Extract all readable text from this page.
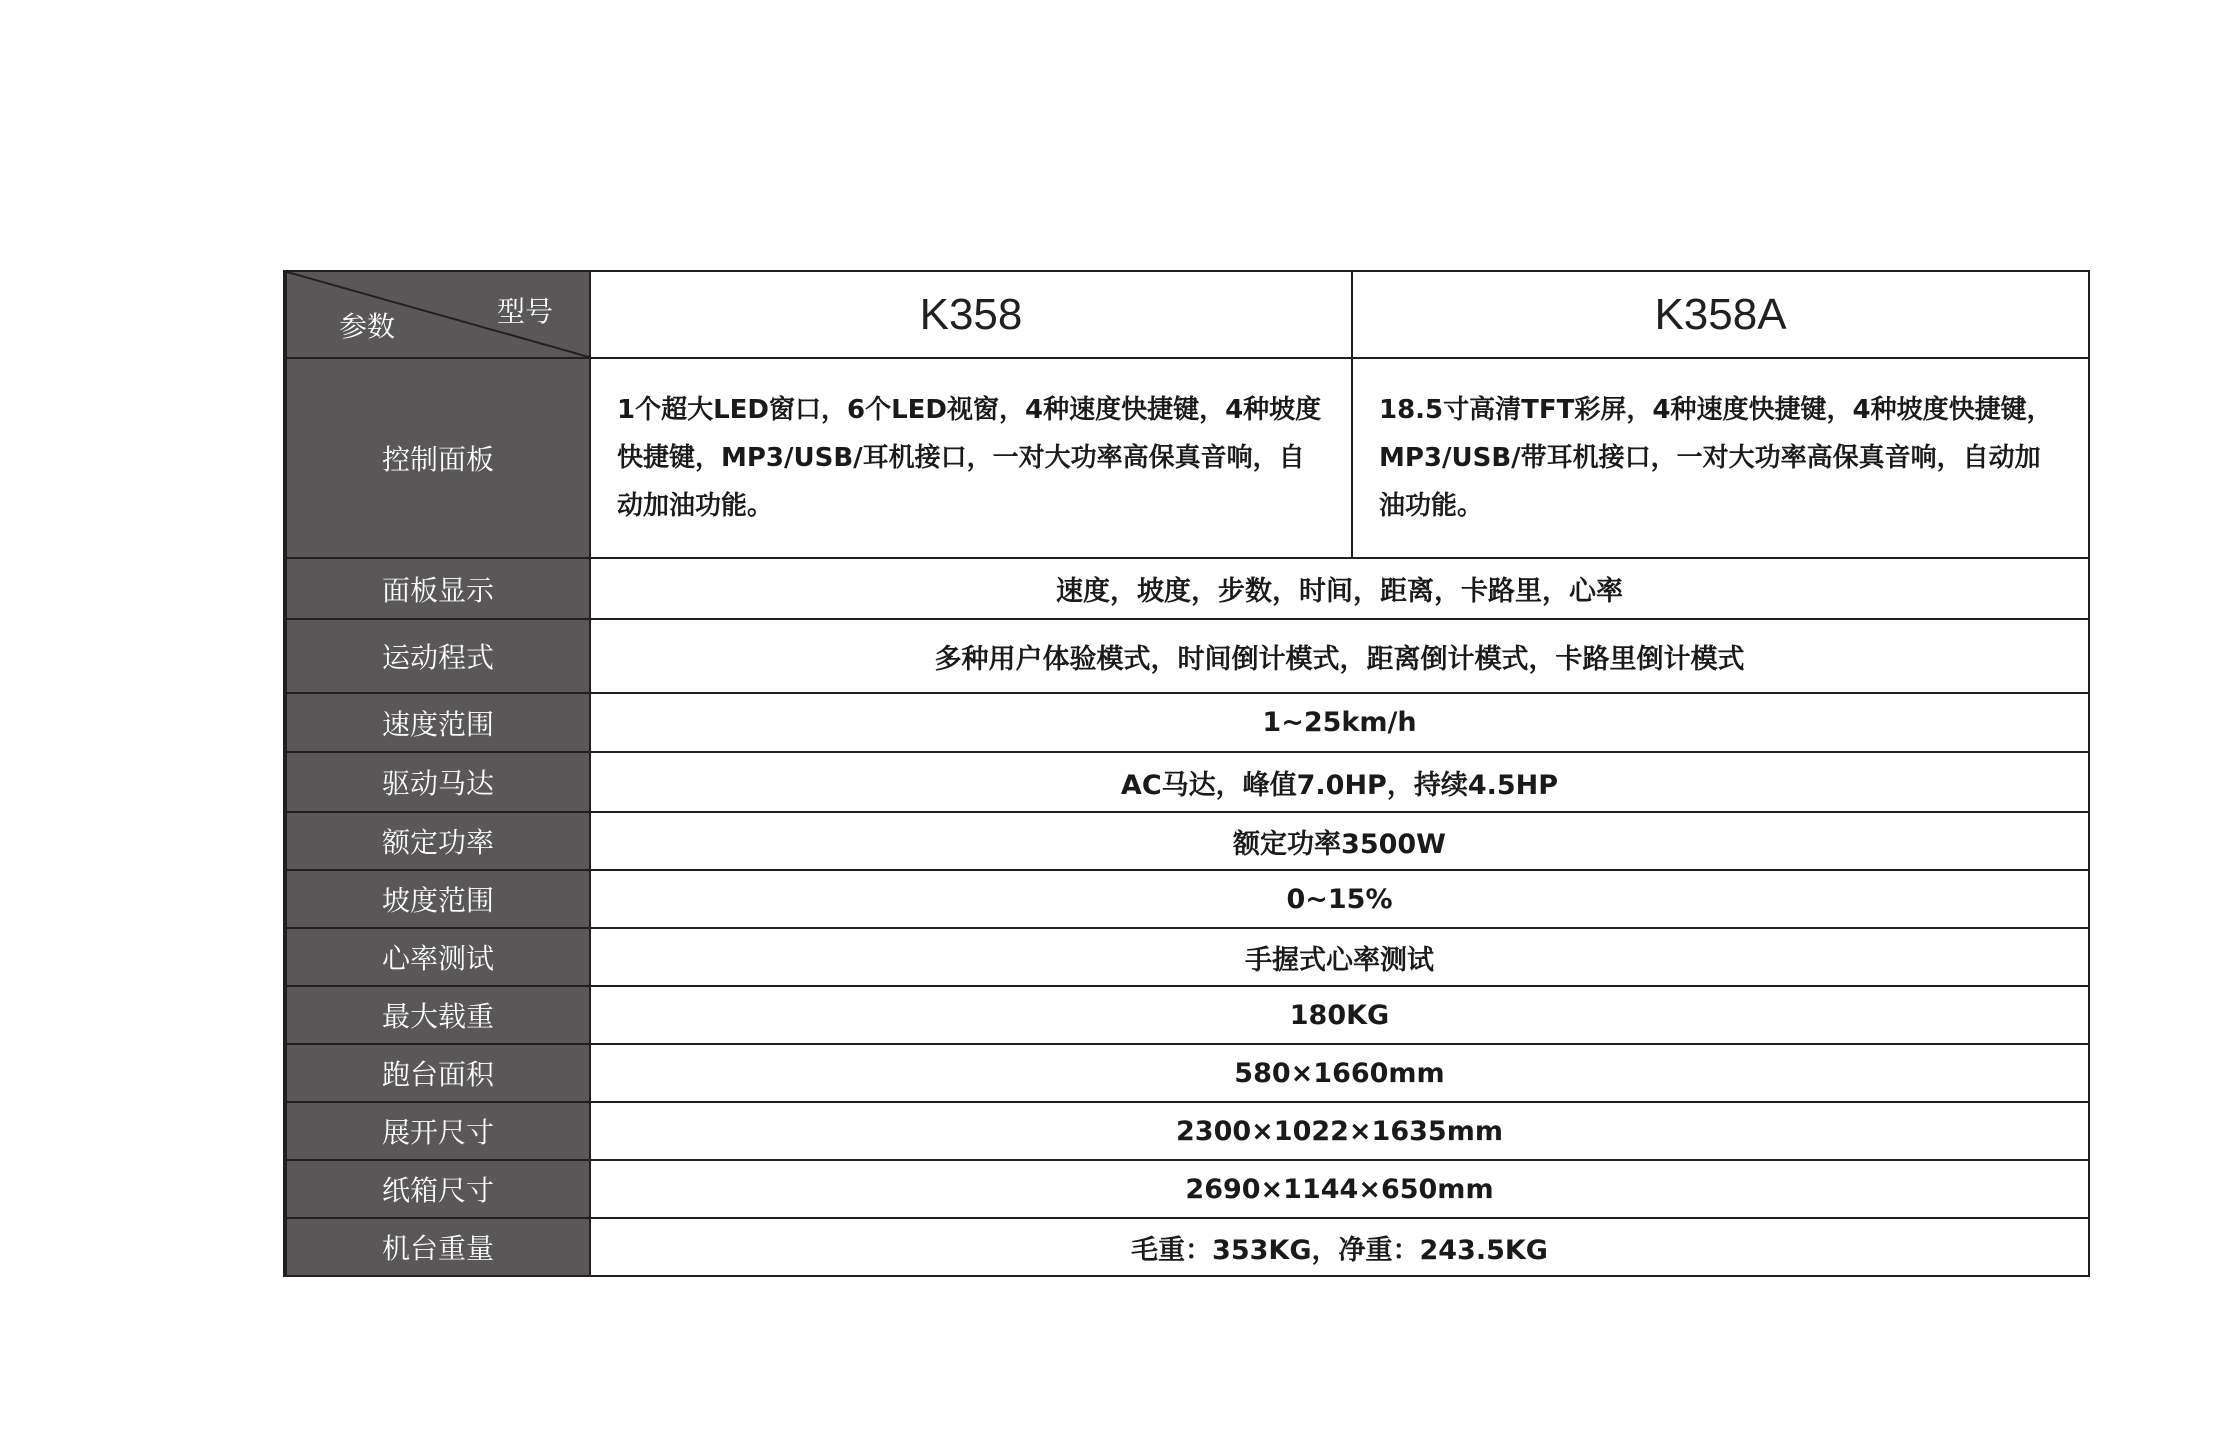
型号
参数	K358	K358A
控制面板	1个超大LED窗口，6个LED视窗，4种速度快捷键，4种坡度快捷键，MP3/USB/耳机接口，一对大功率高保真音响，自动加油功能。	18.5寸高清TFT彩屏，4种速度快捷键，4种坡度快捷键，MP3/USB/带耳机接口，一对大功率高保真音响，自动加油功能。
面板显示	速度，坡度，步数，时间，距离，卡路里，心率	
运动程式	多种用户体验模式，时间倒计模式，距离倒计模式，卡路里倒计模式	
速度范围	1~25km/h	
驱动马达	AC马达，峰值7.0HP，持续4.5HP	
额定功率	额定功率3500W	
坡度范围	0~15%	
心率测试	手握式心率测试	
最大载重	180KG	
跑台面积	580×1660mm	
展开尺寸	2300×1022×1635mm	
纸箱尺寸	2690×1144×650mm	
机台重量	毛重：353KG，净重：243.5KG	
